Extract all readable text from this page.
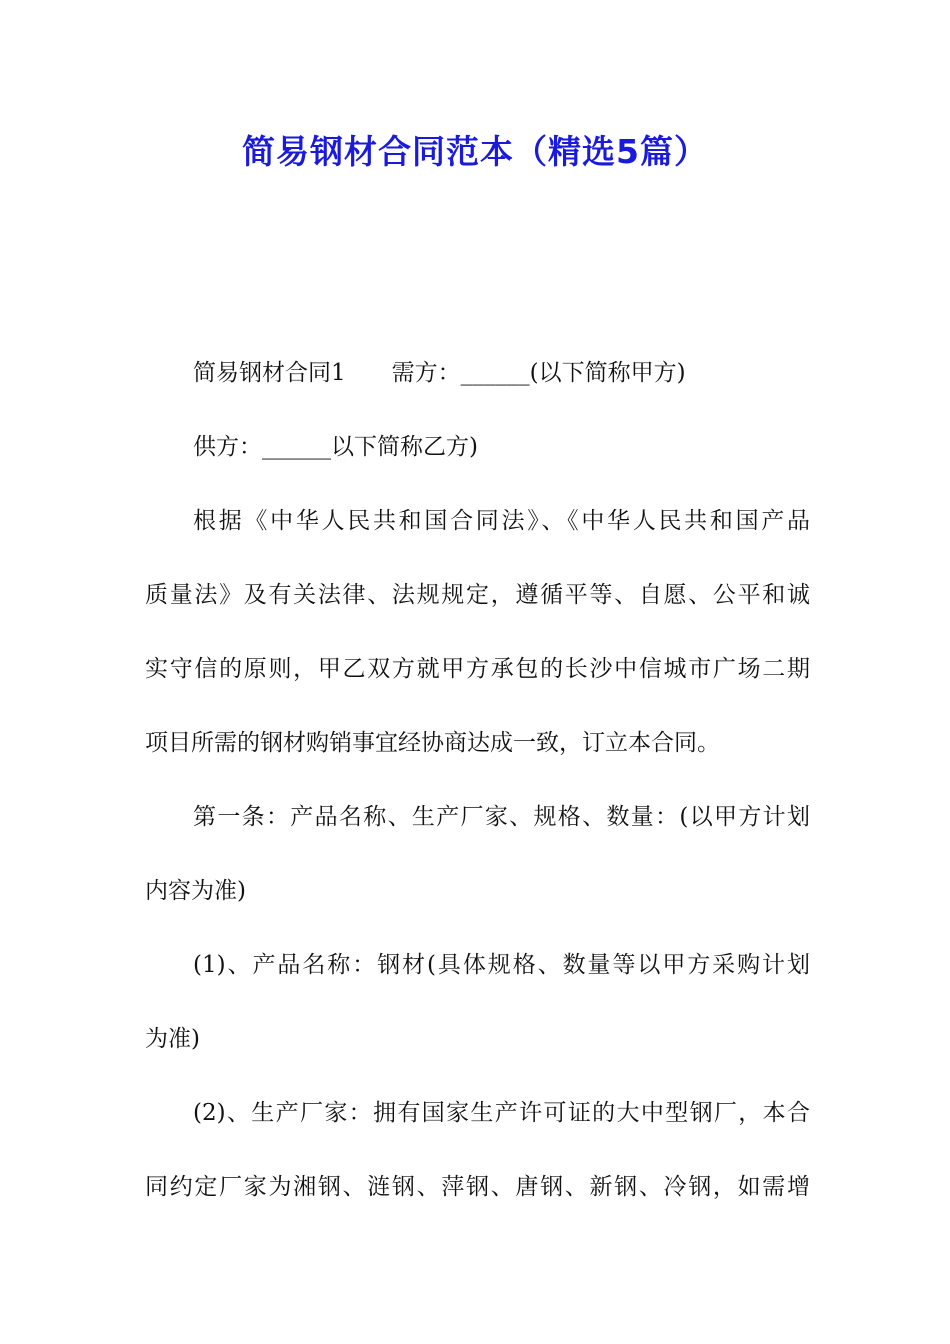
简易钢材合同范本（精选5篇）
简易钢材合同1　　需方：______(以下简称甲方)
供方：______以下简称乙方)
根据《中华人民共和国合同法》、《中华人民共和国产品
质量法》及有关法律、法规规定，遵循平等、自愿、公平和诚
实守信的原则，甲乙双方就甲方承包的长沙中信城市广场二期
项目所需的钢材购销事宜经协商达成一致，订立本合同。
第一条：产品名称、生产厂家、规格、数量：(以甲方计划
内容为准)
(1)、产品名称：钢材(具体规格、数量等以甲方采购计划
为准)
(2)、生产厂家：拥有国家生产许可证的大中型钢厂，本合
同约定厂家为湘钢、涟钢、萍钢、唐钢、新钢、冷钢，如需增
